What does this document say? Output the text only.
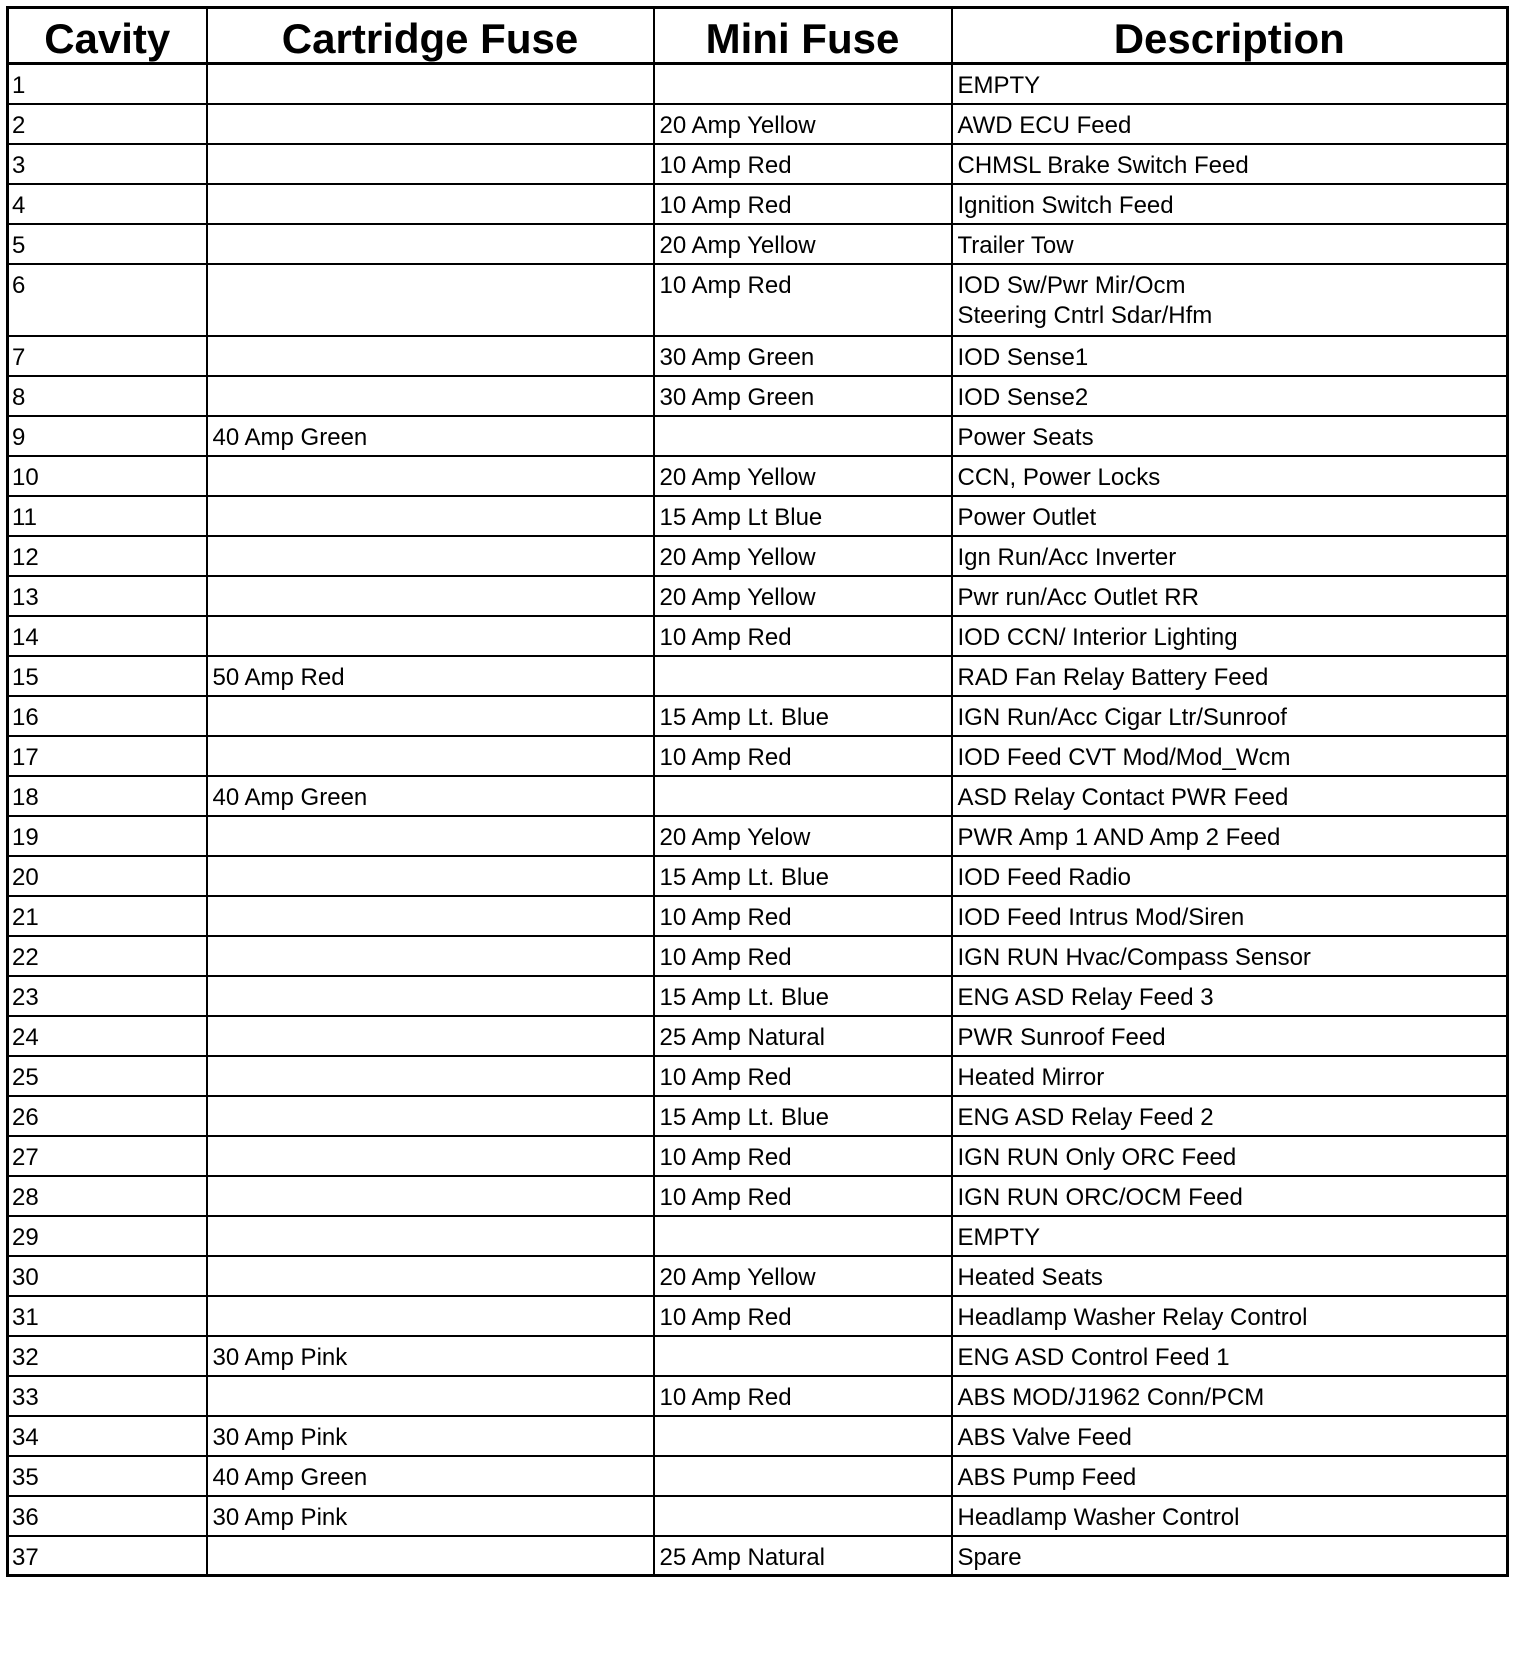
Cavity	Cartridge Fuse	Mini Fuse	Description
1			EMPTY

2		20 Amp Yellow	AWD ECU Feed

3		10 Amp Red	CHMSL Brake Switch Feed

4		10 Amp Red	Ignition Switch Feed

5		20 Amp Yellow	Trailer Tow

6		10 Amp Red	IOD Sw/Pwr Mir/Ocm
Steering Cntrl Sdar/Hfm

7		30 Amp Green	IOD Sense1

8		30 Amp Green	IOD Sense2

9	40 Amp Green		Power Seats

10		20 Amp Yellow	CCN, Power Locks

11		15 Amp Lt Blue	Power Outlet

12		20 Amp Yellow	Ign Run/Acc Inverter

13		20 Amp Yellow	Pwr run/Acc Outlet RR

14		10 Amp Red	IOD CCN/ Interior Lighting

15	50 Amp Red		RAD Fan Relay Battery Feed

16		15 Amp Lt. Blue	IGN Run/Acc Cigar Ltr/Sunroof

17		10 Amp Red	IOD Feed CVT Mod/Mod_Wcm

18	40 Amp Green		ASD Relay Contact PWR Feed

19		20 Amp Yelow	PWR Amp 1 AND Amp 2 Feed

20		15 Amp Lt. Blue	IOD Feed Radio

21		10 Amp Red	IOD Feed Intrus Mod/Siren

22		10 Amp Red	IGN RUN Hvac/Compass Sensor

23		15 Amp Lt. Blue	ENG ASD Relay Feed 3

24		25 Amp Natural	PWR Sunroof Feed

25		10 Amp Red	Heated Mirror

26		15 Amp Lt. Blue	ENG ASD Relay Feed 2

27		10 Amp Red	IGN RUN Only ORC Feed

28		10 Amp Red	IGN RUN ORC/OCM Feed

29			EMPTY

30		20 Amp Yellow	Heated Seats

31		10 Amp Red	Headlamp Washer Relay Control

32	30 Amp Pink		ENG ASD Control Feed 1

33		10 Amp Red	ABS MOD/J1962 Conn/PCM

34	30 Amp Pink		ABS Valve Feed

35	40 Amp Green		ABS Pump Feed

36	30 Amp Pink		Headlamp Washer Control

37		25 Amp Natural	Spare
